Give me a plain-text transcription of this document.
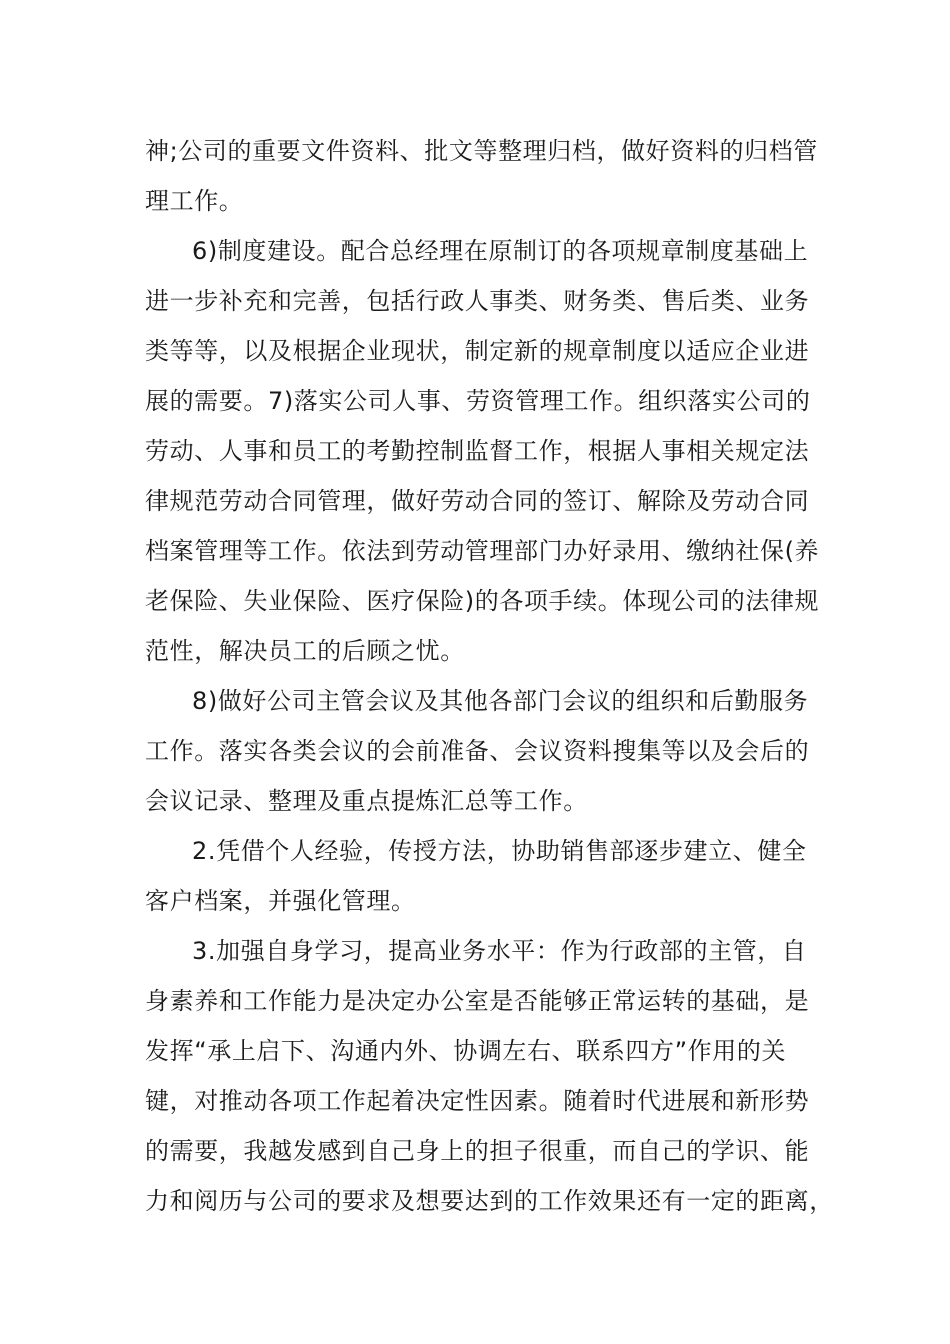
神;公司的重要文件资料、批文等整理归档，做好资料的归档管

理工作。

6)制度建设。配合总经理在原制订的各项规章制度基础上

进一步补充和完善，包括行政人事类、财务类、售后类、业务

类等等，以及根据企业现状，制定新的规章制度以适应企业进

展的需要。7)落实公司人事、劳资管理工作。组织落实公司的

劳动、人事和员工的考勤控制监督工作，根据人事相关规定法

律规范劳动合同管理，做好劳动合同的签订、解除及劳动合同

档案管理等工作。依法到劳动管理部门办好录用、缴纳社保(养

老保险、失业保险、医疗保险)的各项手续。体现公司的法律规

范性，解决员工的后顾之忧。

8)做好公司主管会议及其他各部门会议的组织和后勤服务

工作。落实各类会议的会前准备、会议资料搜集等以及会后的

会议记录、整理及重点提炼汇总等工作。

2.凭借个人经验，传授方法，协助销售部逐步建立、健全

客户档案，并强化管理。

3.加强自身学习，提高业务水平：作为行政部的主管，自

身素养和工作能力是决定办公室是否能够正常运转的基础，是

发挥“承上启下、沟通内外、协调左右、联系四方”作用的关

键，对推动各项工作起着决定性因素。随着时代进展和新形势

的需要，我越发感到自己身上的担子很重，而自己的学识、能

力和阅历与公司的要求及想要达到的工作效果还有一定的距离，
